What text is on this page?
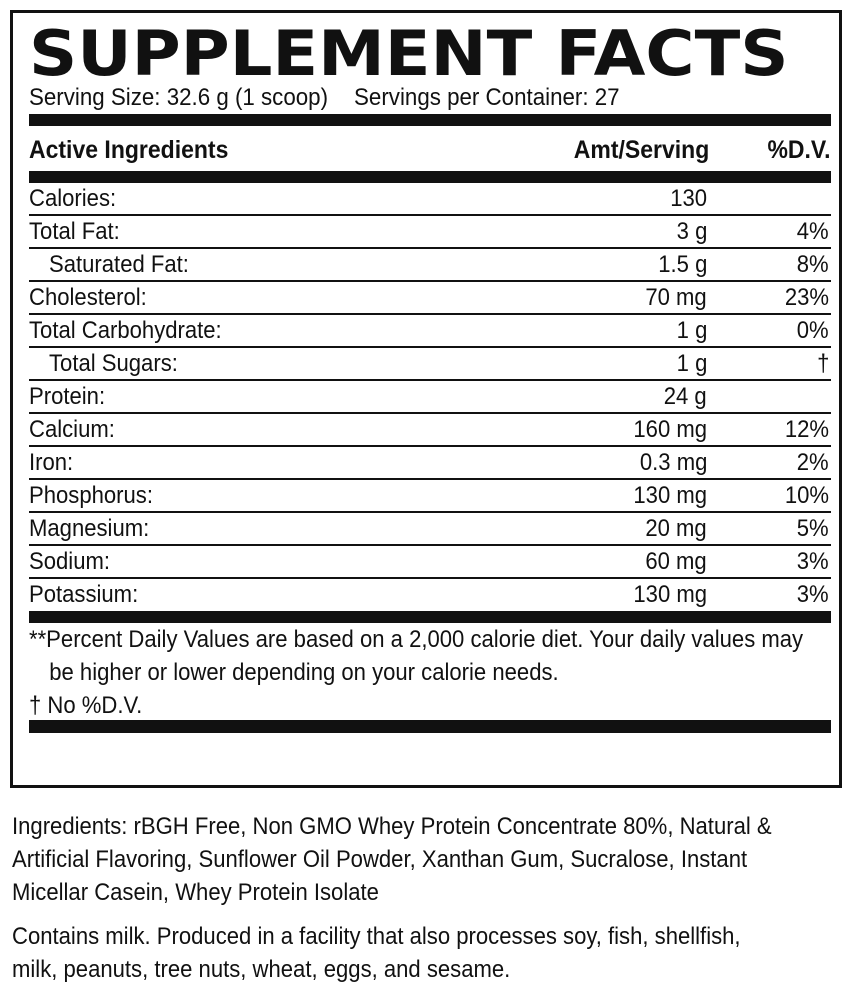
SUPPLEMENT FACTS
Serving Size: 32.6 g (1 scoop) Servings per Container: 27
Active Ingredients	Amt/Serving %D.V.
Calories:	130
Total Fat:	3 g	4%
Saturated Fat:	1.5 g	8%
Cholesterol:	70 mg	23%
Total Carbohydrate:	1 g	0%
Total Sugars:	1 g	†
Protein:	24 g
Calcium:	160 mg	12%
Iron:	0.3 mg	2%
Phosphorus:	130 mg	10%
Magnesium:	20 mg	5%
Sodium:	60 mg	3%
Potassium:	130 mg	3%

**Percent Daily Values are based on a 2,000 calorie diet. Your daily values may

be higher or lower depending on your calorie needs.

† No %D.V.

Ingredients: rBGH Free, Non GMO Whey Protein Concentrate 80%, Natural &

Artificial Flavoring, Sunflower Oil Powder, Xanthan Gum, Sucralose, Instant

Micellar Casein, Whey Protein Isolate

Contains milk. Produced in a facility that also processes soy, fish, shellfish,

milk, peanuts, tree nuts, wheat, eggs, and sesame.
